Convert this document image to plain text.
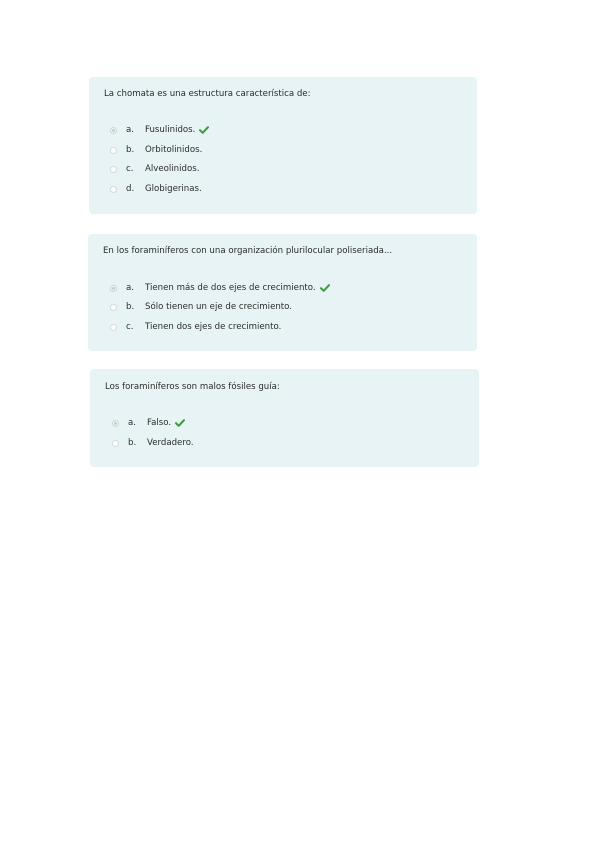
La chomata es una estructura característica de:
a.	Fusulinidos.
b.	Orbitolinidos.
c.	Alveolinidos.
d.	Globigerinas.
En los foraminíferos con una organización plurilocular poliseriada...
a.	Tienen más de dos ejes de crecimiento.
b.	Sólo tienen un eje de crecimiento.
c.	Tienen dos ejes de crecimiento.
Los foraminíferos son malos fósiles guía:
a.	Falso.
b.	Verdadero.
